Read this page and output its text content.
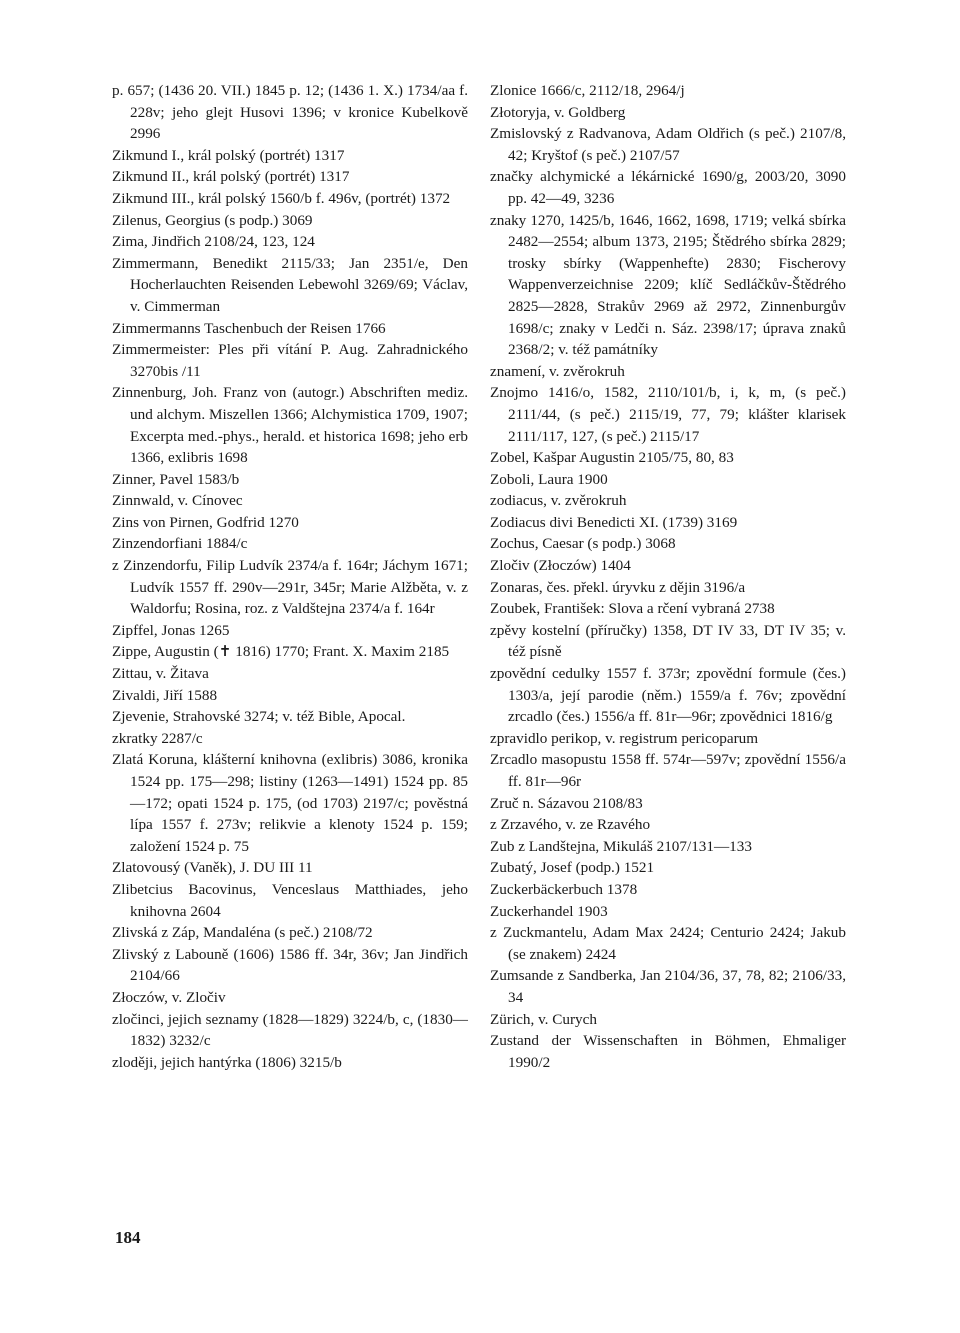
p. 657; (1436 20. VII.) 1845 p. 12; (1436 1. X.) 1734/aa f. 228v; jeho glejt Husovi 1396; v kronice Kubelkově 2996

Zikmund I., král polský (portrét) 1317

Zikmund II., král polský (portrét) 1317

Zikmund III., král polský 1560/b f. 496v, (portrét) 1372

Zilenus, Georgius (s podp.) 3069

Zima, Jindřich 2108/24, 123, 124

Zimmermann, Benedikt 2115/33; Jan 2351/e, Den Hocherlauchten Reisenden Lebewohl 3269/69; Václav, v. Cimmerman

Zimmermanns Taschenbuch der Reisen 1766

Zimmermeister: Ples při vítání P. Aug. Zahradnického 3270bis /11

Zinnenburg, Joh. Franz von (autogr.) Abschriften mediz. und alchym. Miszellen 1366; Alchymistica 1709, 1907; Excerpta med.-phys., herald. et historica 1698; jeho erb 1366, exlibris 1698

Zinner, Pavel 1583/b

Zinnwald, v. Cínovec

Zins von Pirnen, Godfrid 1270

Zinzendorfiani 1884/c

z Zinzendorfu, Filip Ludvík 2374/a f. 164r; Jáchym 1671; Ludvík 1557 ff. 290v—291r, 345r; Marie Alžběta, v. z Waldorfu; Rosina, roz. z Valdštejna 2374/a f. 164r

Zipffel, Jonas 1265

Zippe, Augustin (✝ 1816) 1770; Frant. X. Maxim 2185

Zittau, v. Žitava

Zivaldi, Jiří 1588

Zjevenie, Strahovské 3274; v. též Bible, Apocal.

zkratky 2287/c

Zlatá Koruna, klášterní knihovna (exlibris) 3086, kronika 1524 pp. 175—298; listiny (1263—1491) 1524 pp. 85—172; opati 1524 p. 175, (od 1703) 2197/c; pověstná lípa 1557 f. 273v; relikvie a klenoty 1524 p. 159; založení 1524 p. 75

Zlatovousý (Vaněk), J. DU III 11

Zlibetcius Bacovinus, Venceslaus Matthiades, jeho knihovna 2604

Zlivská z Záp, Mandaléna (s peč.) 2108/72

Zlivský z Labouně (1606) 1586 ff. 34r, 36v; Jan Jindřich 2104/66

Złoczów, v. Zločiv

zločinci, jejich seznamy (1828—1829) 3224/b, c, (1830—1832) 3232/c

zloději, jejich hantýrka (1806) 3215/b

Zlonice 1666/c, 2112/18, 2964/j

Złotoryja, v. Goldberg

Zmislovský z Radvanova, Adam Oldřich (s peč.) 2107/8, 42; Kryštof (s peč.) 2107/57

značky alchymické a lékárnické 1690/g, 2003/20, 3090 pp. 42—49, 3236

znaky 1270, 1425/b, 1646, 1662, 1698, 1719; velká sbírka 2482—2554; album 1373, 2195; Štědrého sbírka 2829; trosky sbírky (Wappenhefte) 2830; Fischerovy Wappenverzeichnise 2209; klíč Sedláčkův-Štědrého 2825—2828, Strakův 2969 až 2972, Zinnenburgův 1698/c; znaky v Ledči n. Sáz. 2398/17; úprava znaků 2368/2; v. též památníky

znamení, v. zvěrokruh

Znojmo 1416/o, 1582, 2110/101/b, i, k, m, (s peč.) 2111/44, (s peč.) 2115/19, 77, 79; klášter klarisek 2111/117, 127, (s peč.) 2115/17

Zobel, Kašpar Augustin 2105/75, 80, 83

Zoboli, Laura 1900

zodiacus, v. zvěrokruh

Zodiacus divi Benedicti XI. (1739) 3169

Zochus, Caesar (s podp.) 3068

Zločiv (Złoczów) 1404

Zonaras, čes. překl. úryvku z dějin 3196/a

Zoubek, František: Slova a rčení vybraná 2738

zpěvy kostelní (příručky) 1358, DT IV 33, DT IV 35; v. též písně

zpovědní cedulky 1557 f. 373r; zpovědní formule (čes.) 1303/a, její parodie (něm.) 1559/a f. 76v; zpovědní zrcadlo (čes.) 1556/a ff. 81r—96r; zpovědnici 1816/g

zpravidlo perikop, v. registrum pericoparum

Zrcadlo masopustu 1558 ff. 574r—597v; zpovědní 1556/a ff. 81r—96r

Zruč n. Sázavou 2108/83

z Zrzavého, v. ze Rzavého

Zub z Landštejna, Mikuláš 2107/131—133

Zubatý, Josef (podp.) 1521

Zuckerbäckerbuch 1378

Zuckerhandel 1903

z Zuckmantelu, Adam Max 2424; Centurio 2424; Jakub (se znakem) 2424

Zumsande z Sandberka, Jan 2104/36, 37, 78, 82; 2106/33, 34

Zürich, v. Curych

Zustand der Wissenschaften in Böhmen, Ehmaliger 1990/2

184
